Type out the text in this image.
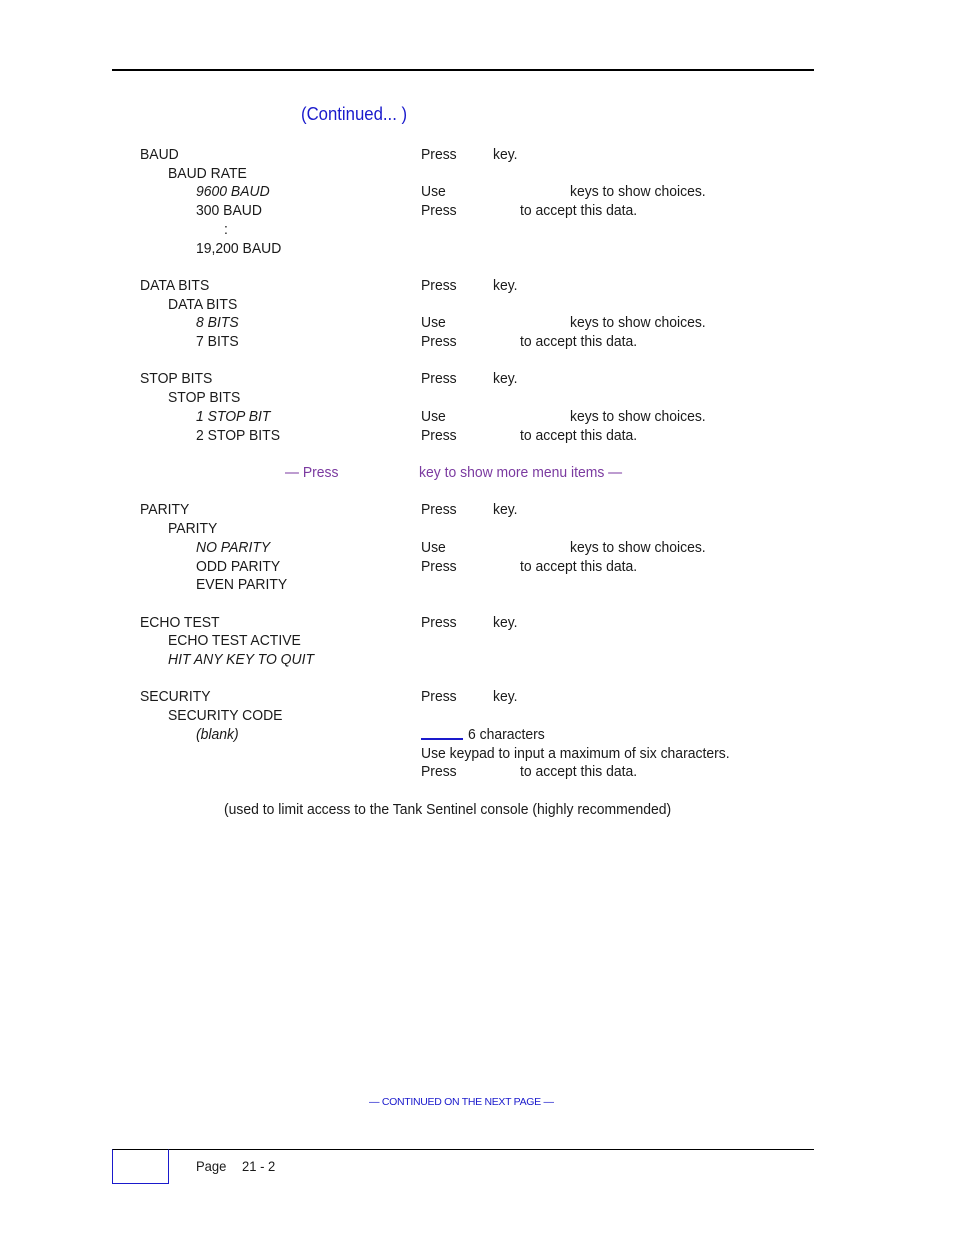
(Continued... )
BAUD	Press key.
BAUD RATE
9600 BAUD	Use	keys to show choices.
300 BAUD	Press	to accept this data.
:
19,200 BAUD
DATA BITS	Press key.
DATA BITS
8 BITS	Use	keys to show choices.
7 BITS	Press	to accept this data.
STOP BITS	Press key.
STOP BITS
1 STOP BIT	Use	keys to show choices.
2 STOP BITS	Press	to accept this data.
— Press	key to show more menu items —
PARITY	Press key.
PARITY
NO PARITY	Use	keys to show choices.
ODD PARITY	Press	to accept this data.
EVEN PARITY
ECHO TEST	Press key.
ECHO TEST ACTIVE
HIT ANY KEY TO QUIT
SECURITY	Press key.
SECURITY CODE
(blank)	6 characters
Use keypad to input a maximum of six characters.
Press	to accept this data.
(used to limit access to the Tank Sentinel console (highly recommended)
— CONTINUED ON THE NEXT PAGE —
Page 21 - 2
